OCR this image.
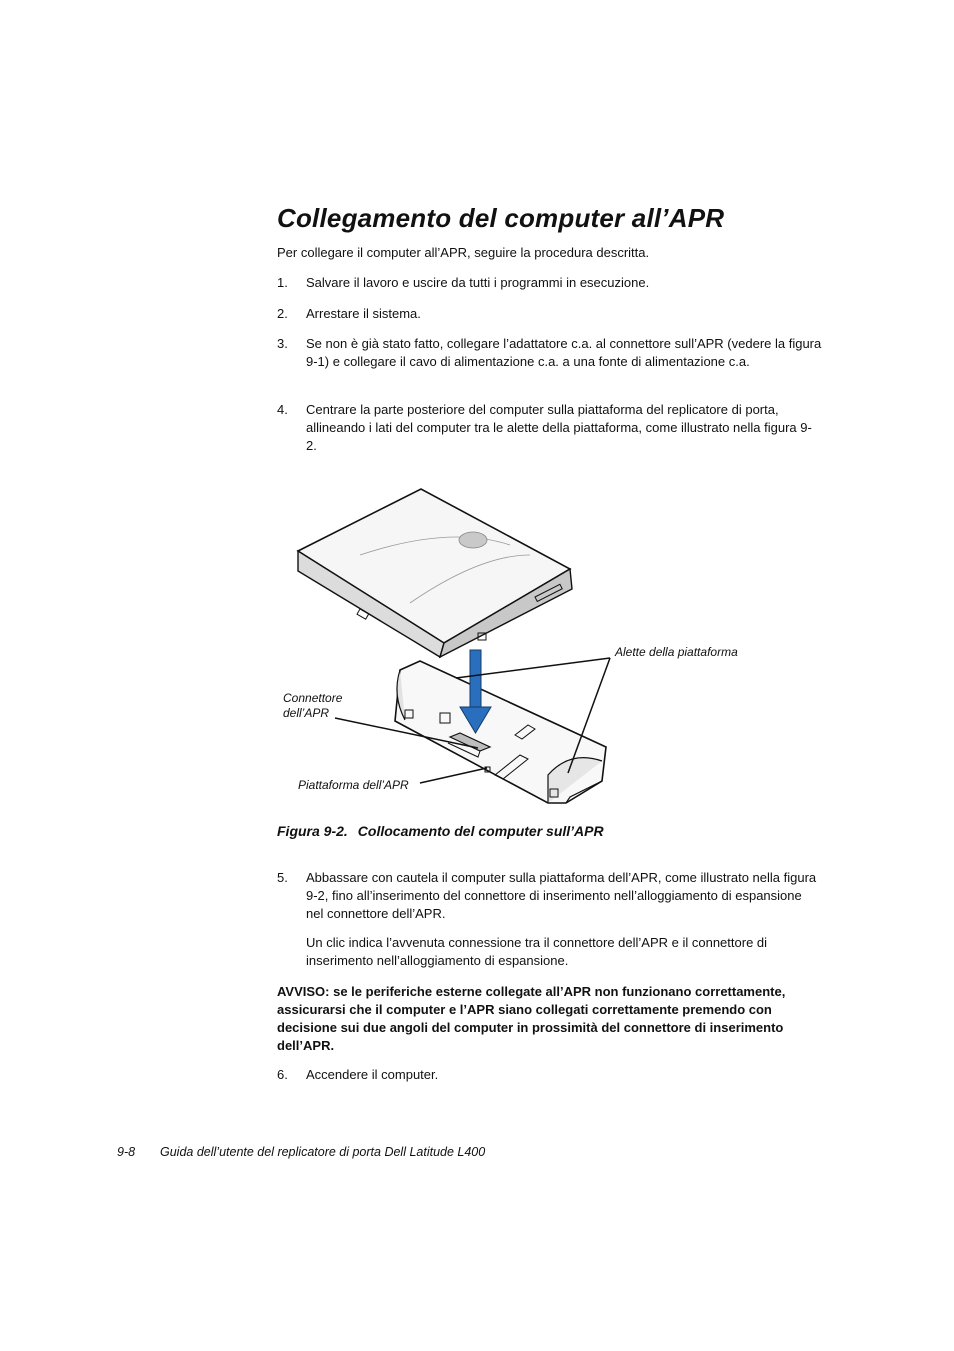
Collegamento del computer all’APR

Per collegare il computer all’APR, seguire la procedura descritta.

1. Salvare il lavoro e uscire da tutti i programmi in esecuzione.
2. Arrestare il sistema.
3. Se non è già stato fatto, collegare l’adattatore c.a. al connettore sull’APR (vedere la figura 9-1) e collegare il cavo di alimentazione c.a. a una fonte di alimentazione c.a.
4. Centrare la parte posteriore del computer sulla piattaforma del replicatore di porta, allineando i lati del computer tra le alette della piattaforma, come illustrato nella figura 9-2.

Alette della piattaforma

Connettore

dell’APR

Piattaforma dell’APR

Figura 9-2. Collocamento del computer sull’APR

5. Abbassare con cautela il computer sulla piattaforma dell’APR, come illustrato nella figura 9-2, fino all’inserimento del connettore di inserimento nell’alloggiamento di espansione nel connettore dell’APR.

Un clic indica l’avvenuta connessione tra il connettore dell’APR e il connettore di inserimento nell’alloggiamento di espansione.

AVVISO: se le periferiche esterne collegate all’APR non funzionano correttamente, assicurarsi che il computer e l’APR siano collegati correttamente premendo con decisione sui due angoli del computer in prossimità del connettore di inserimento dell’APR.

6. Accendere il computer.
9-8 Guida dell’utente del replicatore di porta Dell Latitude L400
